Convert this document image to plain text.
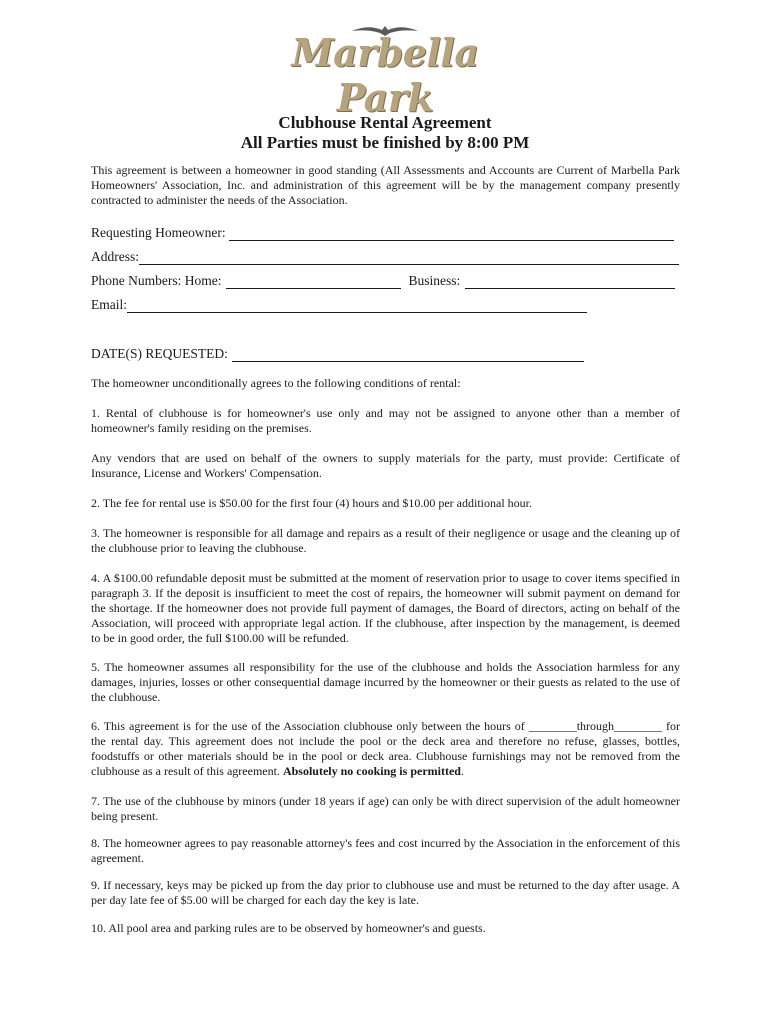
Marbella Park
Clubhouse Rental Agreement
All Parties must be finished by 8:00 PM

This agreement is between a homeowner in good standing (All Assessments and Accounts are Current of Marbella Park Homeowners' Association, Inc. and administration of this agreement will be by the management company presently contracted to administer the needs of the Association.

Requesting Homeowner:
Address:
Phone Numbers: Home:	Business:
Email:
DATE(S) REQUESTED:

The homeowner unconditionally agrees to the following conditions of rental:

1. Rental of clubhouse is for homeowner's use only and may not be assigned to anyone other than a member of homeowner's family residing on the premises.

Any vendors that are used on behalf of the owners to supply materials for the party, must provide: Certificate of Insurance, License and Workers' Compensation.

2. The fee for rental use is $50.00 for the first four (4) hours and $10.00 per additional hour.

3. The homeowner is responsible for all damage and repairs as a result of their negligence or usage and the cleaning up of the clubhouse prior to leaving the clubhouse.

4. A $100.00 refundable deposit must be submitted at the moment of reservation prior to usage to cover items specified in paragraph 3. If the deposit is insufficient to meet the cost of repairs, the homeowner will submit payment on demand for the shortage. If the homeowner does not provide full payment of damages, the Board of directors, acting on behalf of the Association, will proceed with appropriate legal action. If the clubhouse, after inspection by the management, is deemed to be in good order, the full $100.00 will be refunded.

5. The homeowner assumes all responsibility for the use of the clubhouse and holds the Association harmless for any damages, injuries, losses or other consequential damage incurred by the homeowner or their guests as related to the use of the clubhouse.

6. This agreement is for the use of the Association clubhouse only between the hours of ________through________ for the rental day. This agreement does not include the pool or the deck area and therefore no refuse, glasses, bottles, foodstuffs or other materials should be in the pool or deck area. Clubhouse furnishings may not be removed from the clubhouse as a result of this agreement. Absolutely no cooking is permitted.

7. The use of the clubhouse by minors (under 18 years if age) can only be with direct supervision of the adult homeowner being present.

8. The homeowner agrees to pay reasonable attorney's fees and cost incurred by the Association in the enforcement of this agreement.

9. If necessary, keys may be picked up from the day prior to clubhouse use and must be returned to the day after usage. A per day late fee of $5.00 will be charged for each day the key is late.

10. All pool area and parking rules are to be observed by homeowner's and guests.
